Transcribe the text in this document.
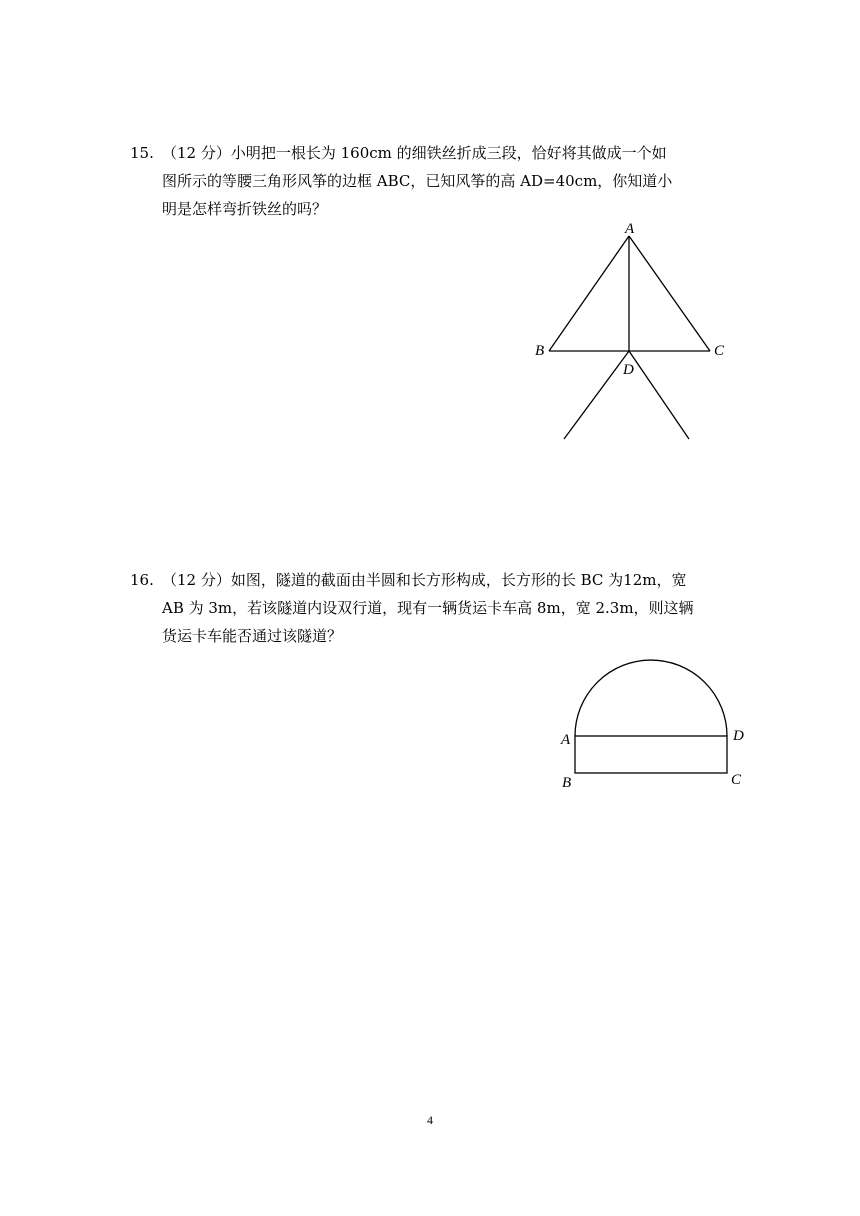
15. （12 分）小明把一根长为 160cm 的细铁丝折成三段，恰好将其做成一个如
图所示的等腰三角形风筝的边框 ABC，已知风筝的高 AD=40cm，你知道小
明是怎样弯折铁丝的吗？
A
B	C
D
A	D
B	C
16. （12 分）如图，隧道的截面由半圆和长方形构成，长方形的长 BC 为12m，宽
AB 为 3m，若该隧道内设双行道，现有一辆货运卡车高 8m，宽 2.3m，则这辆
货运卡车能否通过该隧道？
4
